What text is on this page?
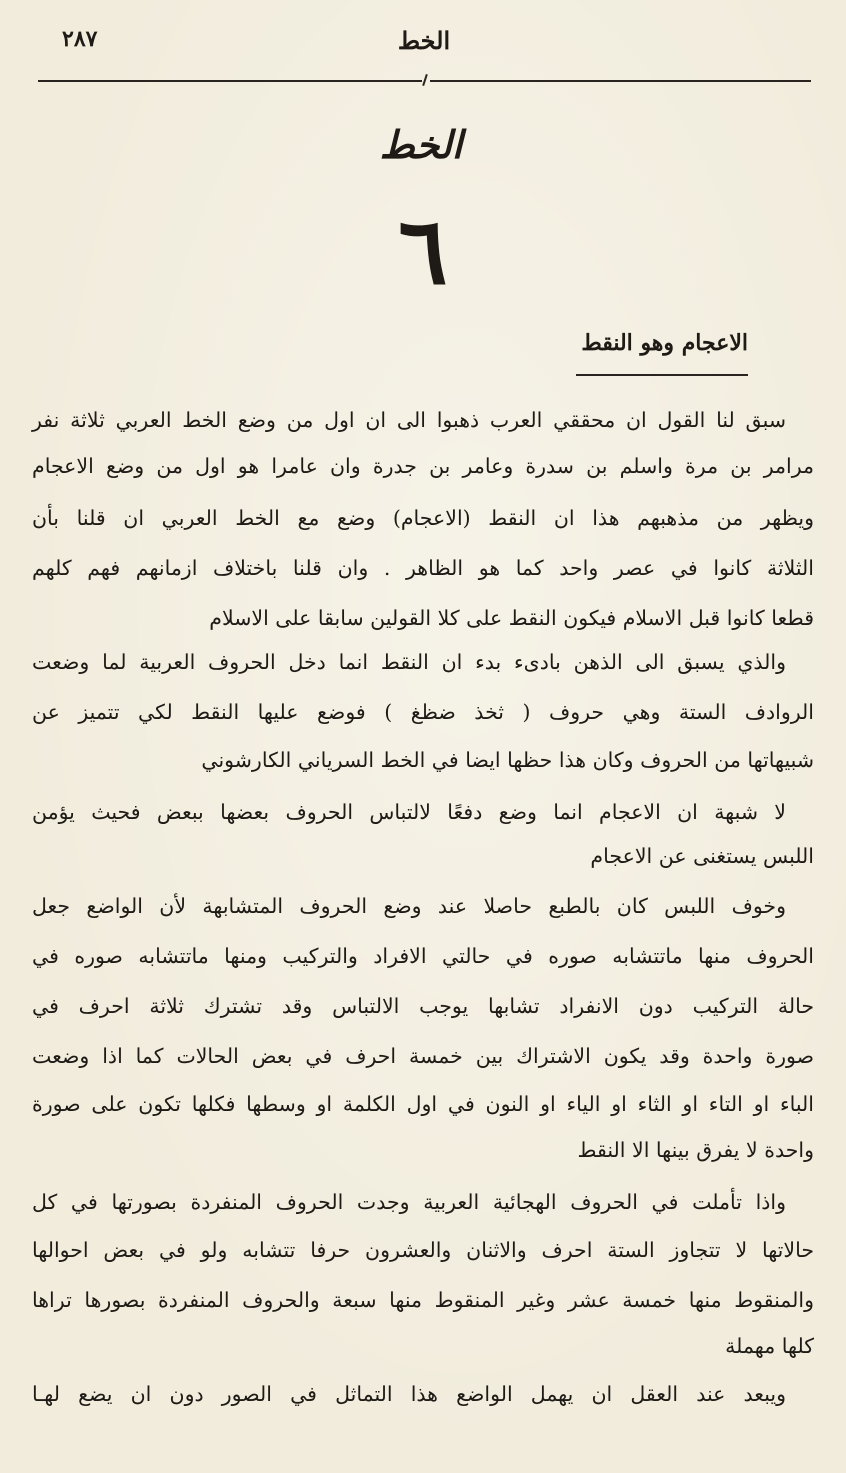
٢٨٧	الخط
الخط
٦
الاعجام وهو النقط
سبق لنا القول ان محققي العرب ذهبوا الى ان اول من وضع الخط العربي ثلاثة نفر
مرامر بن مرة واسلم بن سدرة وعامر بن جدرة وان عامرا هو اول من وضع الاعجام
ويظهر من مذهبهم هذا ان النقط (الاعجام) وضع مع الخط العربي ان قلنا بأن
الثلاثة كانوا في عصر واحد كما هو الظاهر . وان قلنا باختلاف ازمانهم فهم كلهم
قطعا كانوا قبل الاسلام فيكون النقط على كلا القولين سابقا على الاسلام
والذي يسبق الى الذهن بادىء بدء ان النقط انما دخل الحروف العربية لما وضعت
الروادف الستة وهي حروف ( ثخذ ضظغ ) فوضع عليها النقط لكي تتميز عن
شبيهاتها من الحروف وكان هذا حظها ايضا في الخط السرياني الكارشوني
لا شبهة ان الاعجام انما وضع دفعًا لالتباس الحروف بعضها ببعض فحيث يؤمن
اللبس يستغنى عن الاعجام
وخوف اللبس كان بالطبع حاصلا عند وضع الحروف المتشابهة لأن الواضع جعل
الحروف منها ماتتشابه صوره في حالتي الافراد والتركيب ومنها ماتتشابه صوره في
حالة التركيب دون الانفراد تشابها يوجب الالتباس وقد تشترك ثلاثة احرف في
صورة واحدة وقد يكون الاشتراك بين خمسة احرف في بعض الحالات كما اذا وضعت
الباء او التاء او الثاء او الياء او النون في اول الكلمة او وسطها فكلها تكون على صورة
واحدة لا يفرق بينها الا النقط
واذا تأملت في الحروف الهجائية العربية وجدت الحروف المنفردة بصورتها في كل
حالاتها لا تتجاوز الستة احرف والاثنان والعشرون حرفا تتشابه ولو في بعض احوالها
والمنقوط منها خمسة عشر وغير المنقوط منها سبعة والحروف المنفردة بصورها تراها
كلها مهملة
ويبعد عند العقل ان يهمل الواضع هذا التماثل في الصور دون ان يضع لهـا
